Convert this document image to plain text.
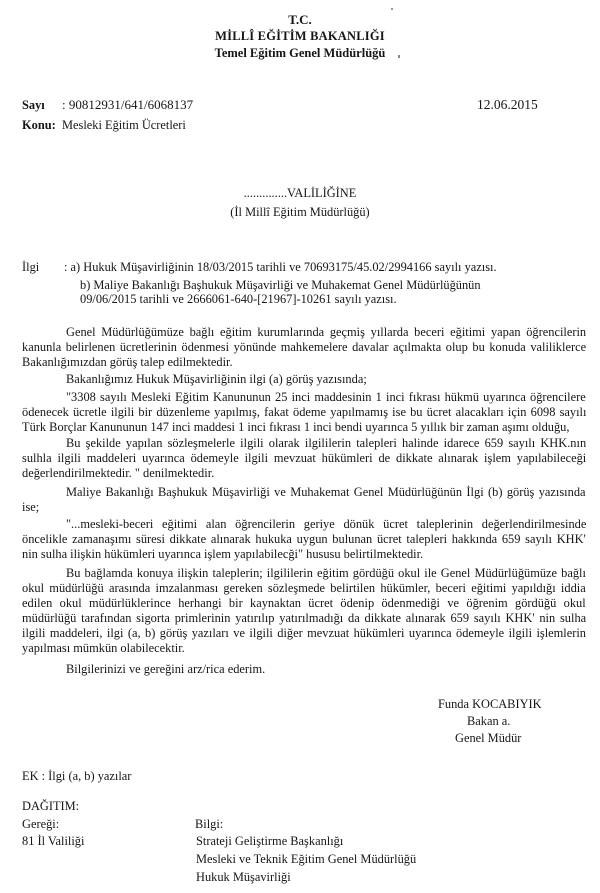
T.C.
MİLLÎ EĞİTİM BAKANLIĞI
Temel Eğitim Genel Müdürlüğü
Sayı : 90812931/641/6068137	12.06.2015
Konu: Mesleki Eğitim Ücretleri
..............VALİLİĞİNE
(İl Millî Eğitim Müdürlüğü)
İlgi : a) Hukuk Müşavirliğinin 18/03/2015 tarihli ve 70693175/45.02/2994166 sayılı yazısı.
b) Maliye Bakanlığı Başhukuk Müşavirliği ve Muhakemat Genel Müdürlüğünün
09/06/2015 tarihli ve 2666061-640-[21967]-10261 sayılı yazısı.
Genel Müdürlüğümüze bağlı eğitim kurumlarında geçmiş yıllarda beceri eğitimi yapan öğrencilerin
kanunla belirlenen ücretlerinin ödenmesi yönünde mahkemelere davalar açılmakta olup bu konuda valiliklerce
Bakanlığımızdan görüş talep edilmektedir.
Bakanlığımız Hukuk Müşavirliğinin ilgi (a) görüş yazısında;
"3308 sayılı Mesleki Eğitim Kanununun 25 inci maddesinin 1 inci fıkrası hükmü uyarınca öğrencilere
ödenecek ücretle ilgili bir düzenleme yapılmış, fakat ödeme yapılmamış ise bu ücret alacakları için 6098 sayılı
Türk Borçlar Kanununun 147 inci maddesi 1 inci fıkrası 1 inci bendi uyarınca 5 yıllık bir zaman aşımı olduğu,
Bu şekilde yapılan sözleşmelerle ilgili olarak ilgililerin talepleri halinde idarece 659 sayılı KHK.nın
sulhla ilgili maddeleri uyarınca ödemeyle ilgili mevzuat hükümleri de dikkate alınarak işlem yapılabileceği
değerlendirilmektedir. " denilmektedir.
Maliye Bakanlığı Başhukuk Müşavirliği ve Muhakemat Genel Müdürlüğünün İlgi (b) görüş yazısında
ise;
"...mesleki-beceri eğitimi alan öğrencilerin geriye dönük ücret taleplerinin değerlendirilmesinde
öncelikle zamanaşımı süresi dikkate alınarak hukuka uygun bulunan ücret talepleri hakkında 659 sayılı KHK'
nin sulha ilişkin hükümleri uyarınca işlem yapılabilecği" hususu belirtilmektedir.
Bu bağlamda konuya ilişkin taleplerin; ilgililerin eğitim gördüğü okul ile Genel Müdürlüğümüze bağlı
okul müdürlüğü arasında imzalanması gereken sözleşmede belirtilen hükümler, beceri eğitimi yapıldığı iddia
edilen okul müdürlüklerince herhangi bir kaynaktan ücret ödenip ödenmediği ve öğrenim gördüğü okul
müdürlüğü tarafından sigorta primlerinin yatırılıp yatırılmadığı da dikkate alınarak 659 sayılı KHK' nin sulha
ilgili maddeleri, ilgi (a, b) görüş yazıları ve ilgili diğer mevzuat hükümleri uyarınca ödemeyle ilgili işlemlerin
yapılması mümkün olabilecektir.
Bilgilerinizi ve gereğini arz/rica ederim.
Funda KOCABIYIK
Bakan a.
Genel Müdür
EK : İlgi (a, b) yazılar
DAĞITIM:
Gereği:
81 İl Valiliği
Bilgi:
Strateji Geliştirme Başkanlığı
Mesleki ve Teknik Eğitim Genel Müdürlüğü
Hukuk Müşavirliği
